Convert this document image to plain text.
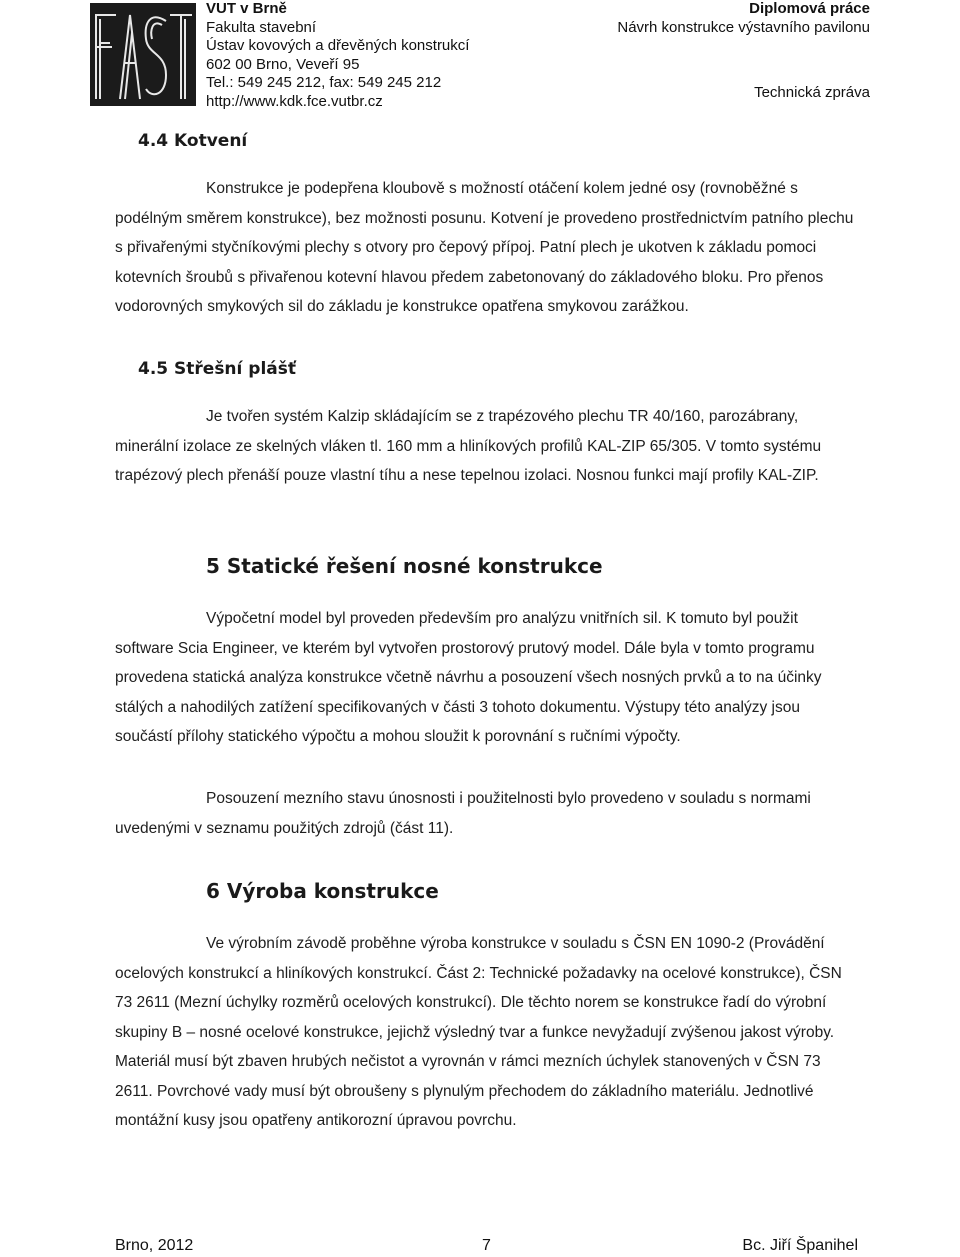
VUT v Brně
Fakulta stavební
Ústav kovových a dřevěných konstrukcí
602 00 Brno, Veveří 95
Tel.: 549 245 212, fax: 549 245 212
http://www.kdk.fce.vutbr.cz
Diplomová práce
Návrh konstrukce výstavního pavilonu
Technická zpráva
4.4 Kotvení

Konstrukce je podepřena kloubově s možností otáčení kolem jedné osy (rovnoběžné s podélným směrem konstrukce), bez možnosti posunu. Kotvení je provedeno prostřednictvím patního plechu s přivařenými styčníkovými plechy s otvory pro čepový přípoj. Patní plech je ukotven k základu pomoci kotevních šroubů s přivařenou kotevní hlavou předem zabetonovaný do základového bloku. Pro přenos vodorovných smykových sil do základu je konstrukce opatřena smykovou zarážkou.

4.5 Střešní plášť

Je tvořen systém Kalzip skládajícím se z trapézového plechu TR 40/160, parozábrany, minerální izolace ze skelných vláken tl. 160 mm a hliníkových profilů KAL-ZIP 65/305. V tomto systému trapézový plech přenáší pouze vlastní tíhu a nese tepelnou izolaci. Nosnou funkci mají profily KAL-ZIP.

5 Statické řešení nosné konstrukce

Výpočetní model byl proveden především pro analýzu vnitřních sil. K tomuto byl použit software Scia Engineer, ve kterém byl vytvořen prostorový prutový model. Dále byla v tomto programu provedena statická analýza konstrukce včetně návrhu a posouzení všech nosných prvků a to na účinky stálých a nahodilých zatížení specifikovaných v části 3 tohoto dokumentu. Výstupy této analýzy jsou součástí přílohy statického výpočtu a mohou sloužit k porovnání s ručními výpočty.

Posouzení mezního stavu únosnosti i použitelnosti bylo provedeno v souladu s normami uvedenými v seznamu použitých zdrojů (část 11).

6 Výroba konstrukce

Ve výrobním závodě proběhne výroba konstrukce v souladu s ČSN EN 1090-2 (Provádění ocelových konstrukcí a hliníkových konstrukcí. Část 2: Technické požadavky na ocelové konstrukce), ČSN 73 2611 (Mezní úchylky rozměrů ocelových konstrukcí). Dle těchto norem se konstrukce řadí do výrobní skupiny B – nosné ocelové konstrukce, jejichž výsledný tvar a funkce nevyžadují zvýšenou jakost výroby. Materiál musí být zbaven hrubých nečistot a vyrovnán v rámci mezních úchylek stanovených v ČSN 73 2611. Povrchové vady musí být obroušeny s plynulým přechodem do základního materiálu. Jednotlivé montážní kusy jsou opatřeny antikorozní úpravou povrchu.

Brno, 2012	7	Bc. Jiří Španihel
